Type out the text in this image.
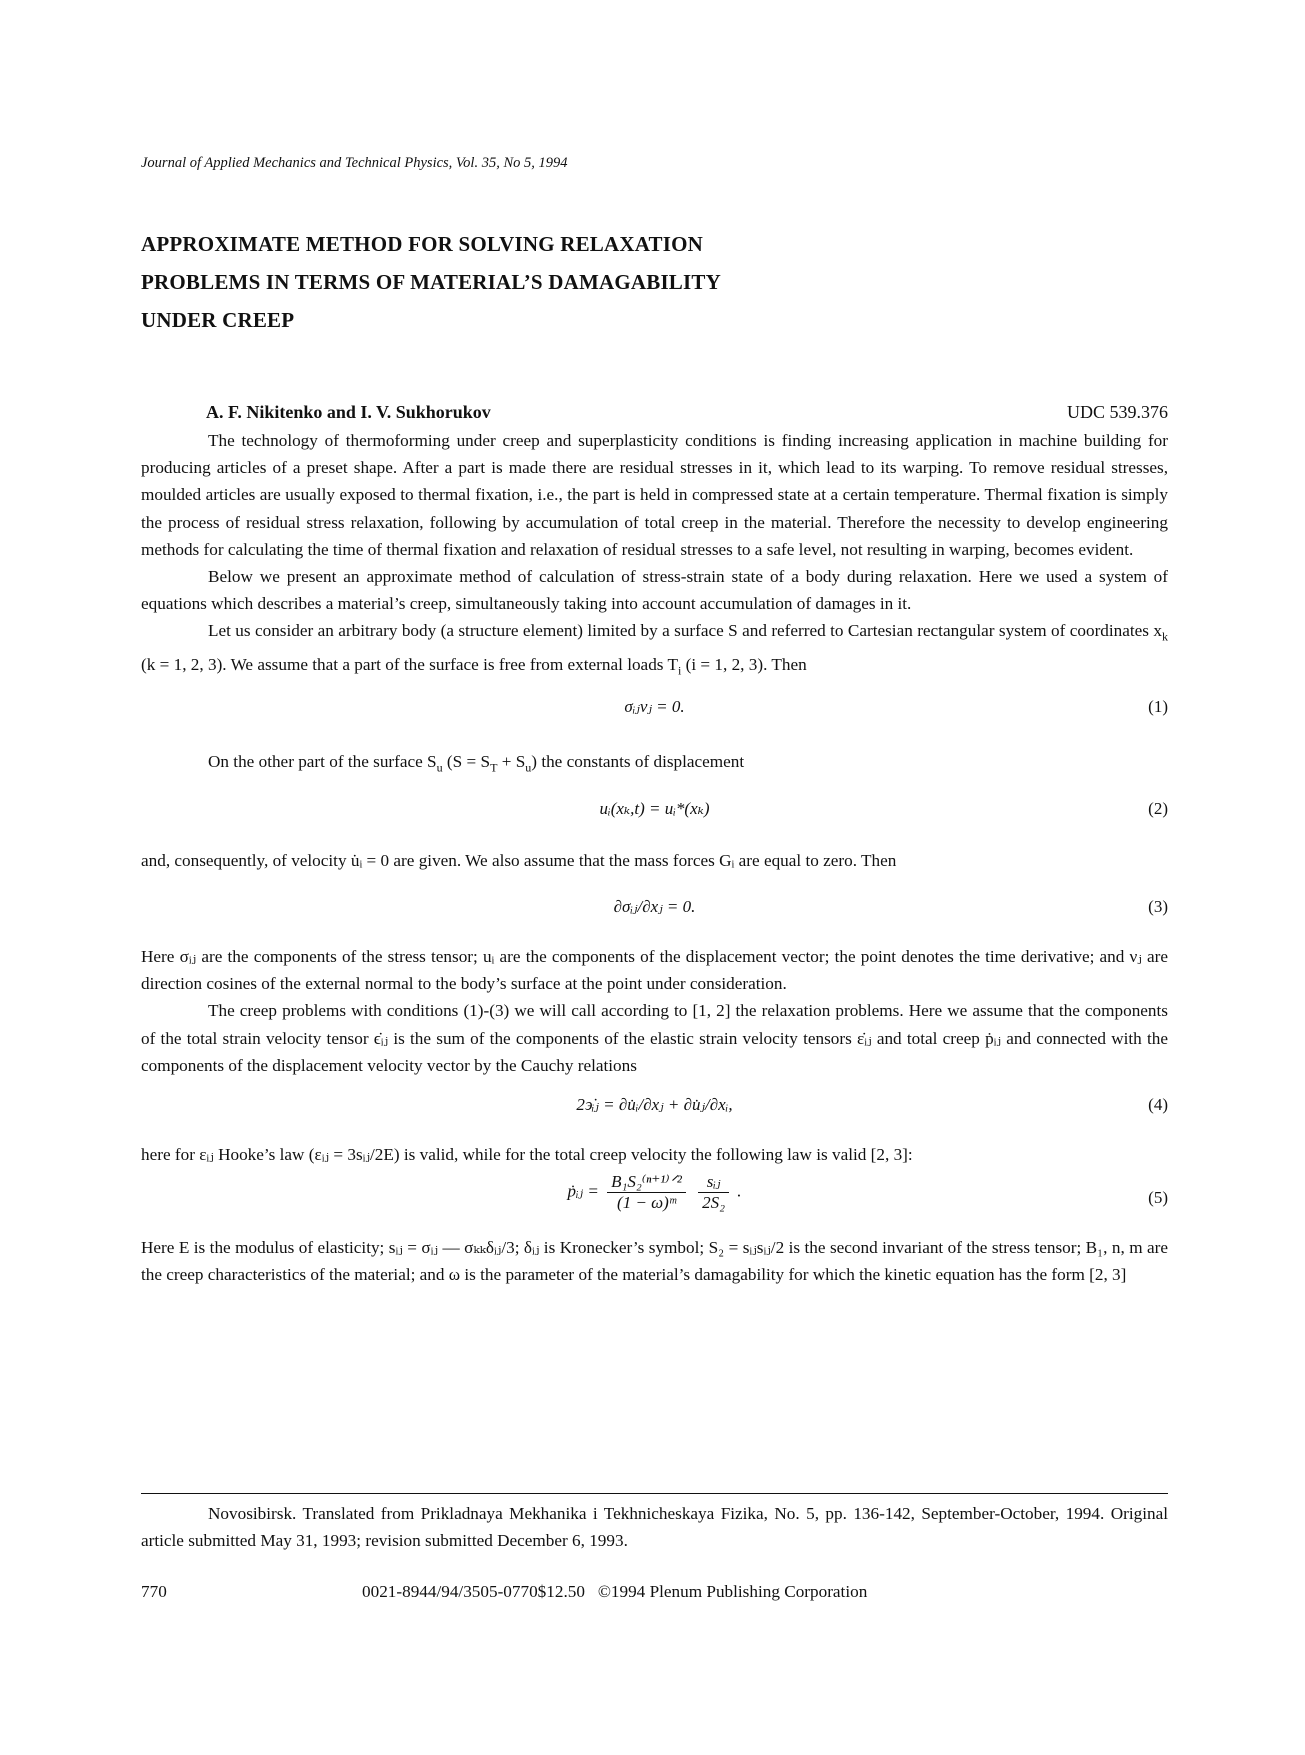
Journal of Applied Mechanics and Technical Physics, Vol. 35, No 5, 1994
APPROXIMATE METHOD FOR SOLVING RELAXATION
PROBLEMS IN TERMS OF MATERIAL’S DAMAGABILITY
UNDER CREEP
A. F. Nikitenko and I. V. Sukhorukov	UDC 539.376

The technology of thermoforming under creep and superplasticity conditions is finding increasing application in machine building for producing articles of a preset shape. After a part is made there are residual stresses in it, which lead to its warping. To remove residual stresses, moulded articles are usually exposed to thermal fixation, i.e., the part is held in compressed state at a certain temperature. Thermal fixation is simply the process of residual stress relaxation, following by accumulation of total creep in the material. Therefore the necessity to develop engineering methods for calculating the time of thermal fixation and relaxation of residual stresses to a safe level, not resulting in warping, becomes evident.

Below we present an approximate method of calculation of stress-strain state of a body during relaxation. Here we used a system of equations which describes a material’s creep, simultaneously taking into account accumulation of damages in it.

Let us consider an arbitrary body (a structure element) limited by a surface S and referred to Cartesian rectangular system of coordinates $x_k$ (k = 1, 2, 3). We assume that a part of the surface is free from external loads $T_i$ (i = 1, 2, 3). Then

σᵢⱼνⱼ = 0.	(1)

On the other part of the surface $S_u$ $(S = S_T + S_u)$ the constants of displacement

uᵢ(xₖ,t) = uᵢ*(xₖ)	(2)

and, consequently, of velocity u̇ᵢ = 0 are given. We also assume that the mass forces Gᵢ are equal to zero. Then

∂σᵢⱼ/∂xⱼ = 0.	(3)

Here σᵢⱼ are the components of the stress tensor; uᵢ are the components of the displacement vector; the point denotes the time derivative; and νⱼ are direction cosines of the external normal to the body’s surface at the point under consideration.

The creep problems with conditions (1)-(3) we will call according to [1, 2] the relaxation problems. Here we assume that the components of the total strain velocity tensor ϵ̇ᵢⱼ is the sum of the components of the elastic strain velocity tensors ε̇ᵢⱼ and total creep ṗᵢⱼ and connected with the components of the displacement velocity vector by the Cauchy relations

2϶̇ᵢⱼ = ∂u̇ᵢ/∂xⱼ + ∂u̇ⱼ/∂xᵢ,	(4)

here for εᵢⱼ Hooke’s law (εᵢⱼ = 3sᵢⱼ/2E) is valid, while for the total creep velocity the following law is valid [2, 3]:

ṗᵢⱼ = $\frac{\text{B₁S₂⁽ⁿ⁺¹⁾ᐟ²}}{\text{(1 − ω)ᵐ}}$
$\frac{\text{sᵢⱼ}}{\text{2S₂}}$ .	(5)

Here E is the modulus of elasticity; sᵢⱼ = σᵢⱼ — σₖₖδᵢⱼ/3; δᵢⱼ is Kronecker’s symbol; S₂ = sᵢⱼsᵢⱼ/2 is the second invariant of the stress tensor; B₁, n, m are the creep characteristics of the material; and ω is the parameter of the material’s damagability for which the kinetic equation has the form [2, 3]

Novosibirsk. Translated from Prikladnaya Mekhanika i Tekhnicheskaya Fizika, No. 5, pp. 136-142, September-October, 1994. Original article submitted May 31, 1993; revision submitted December 6, 1993.

770	0021-8944/94/3505-0770$12.50   ©1994 Plenum Publishing Corporation
